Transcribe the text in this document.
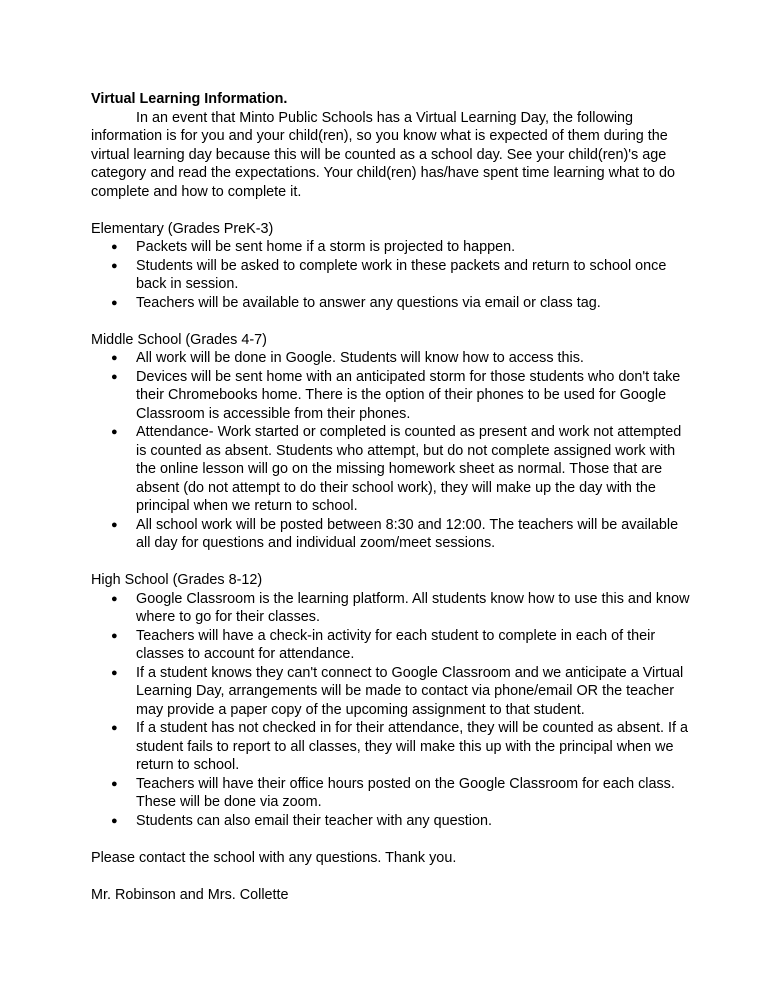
Virtual Learning Information.

In an event that Minto Public Schools has a Virtual Learning Day, the following information is for you and your child(ren), so you know what is expected of them during the virtual learning day because this will be counted as a school day. See your child(ren)'s age category and read the expectations. Your child(ren) has/have spent time learning what to do complete and how to complete it.

Elementary (Grades PreK-3)

● Packets will be sent home if a storm is projected to happen.
● Students will be asked to complete work in these packets and return to school once back in session.
● Teachers will be available to answer any questions via email or class tag.

Middle School (Grades 4-7)

● All work will be done in Google. Students will know how to access this.
● Devices will be sent home with an anticipated storm for those students who don't take their Chromebooks home. There is the option of their phones to be used for Google Classroom is accessible from their phones.
● Attendance- Work started or completed is counted as present and work not attempted is counted as absent. Students who attempt, but do not complete assigned work with the online lesson will go on the missing homework sheet as normal. Those that are absent (do not attempt to do their school work), they will make up the day with the principal when we return to school.
● All school work will be posted between 8:30 and 12:00. The teachers will be available all day for questions and individual zoom/meet sessions.

High School (Grades 8-12)

● Google Classroom is the learning platform. All students know how to use this and know where to go for their classes.
● Teachers will have a check-in activity for each student to complete in each of their classes to account for attendance.
● If a student knows they can't connect to Google Classroom and we anticipate a Virtual Learning Day, arrangements will be made to contact via phone/email OR the teacher may provide a paper copy of the upcoming assignment to that student.
● If a student has not checked in for their attendance, they will be counted as absent. If a student fails to report to all classes, they will make this up with the principal when we return to school.
● Teachers will have their office hours posted on the Google Classroom for each class. These will be done via zoom.
● Students can also email their teacher with any question.

Please contact the school with any questions. Thank you.

Mr. Robinson and Mrs. Collette
